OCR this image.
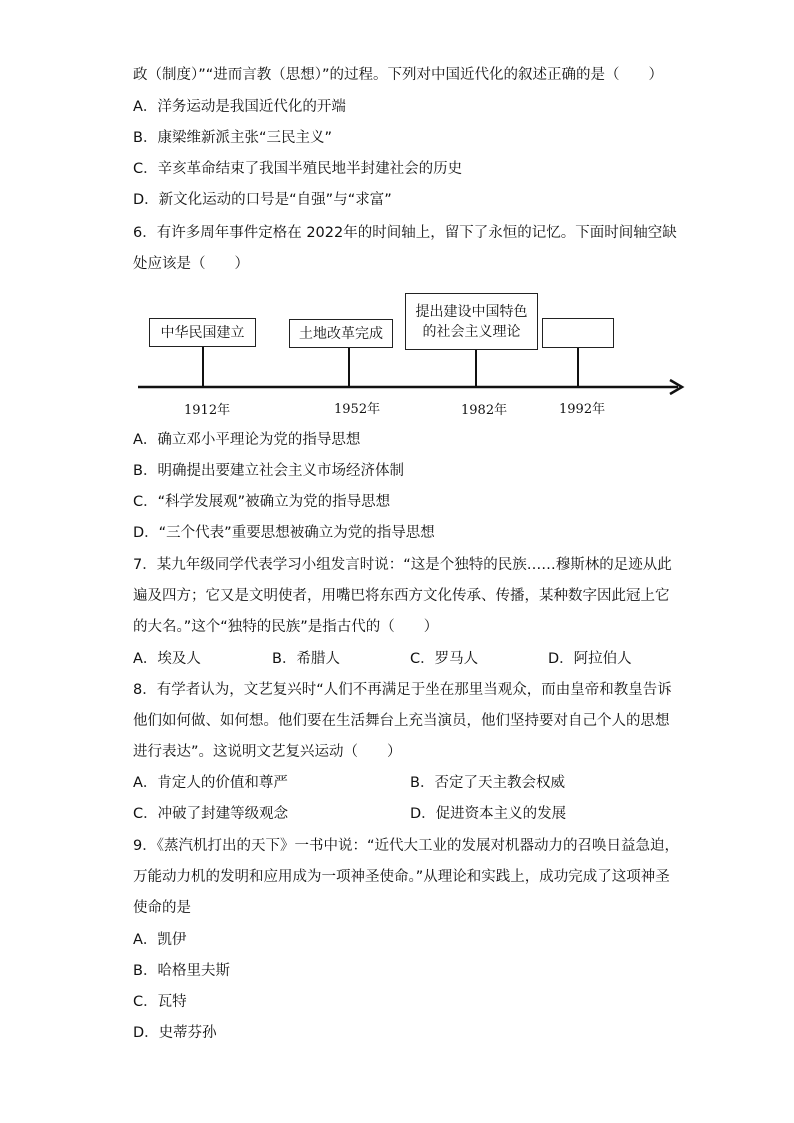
政（制度）”“进而言教（思想）”的过程。下列对中国近代化的叙述正确的是（　　）
A．洋务运动是我国近代化的开端
B．康梁维新派主张“三民主义”
C．辛亥革命结束了我国半殖民地半封建社会的历史
D．新文化运动的口号是“自强”与“求富”
6．有许多周年事件定格在 2022年的时间轴上，留下了永恒的记忆。下面时间轴空缺
处应该是（　　）
中华民国建立
1912年
土地改革完成
1952年
提出建设中国特色
的社会主义理论
1982年	1992年
A．确立邓小平理论为党的指导思想
B．明确提出要建立社会主义市场经济体制
C．“科学发展观”被确立为党的指导思想
D．“三个代表”重要思想被确立为党的指导思想
7．某九年级同学代表学习小组发言时说：“这是个独特的民族……穆斯林的足迹从此
遍及四方；它又是文明使者，用嘴巴将东西方文化传承、传播，某种数字因此冠上它
的大名。”这个“独特的民族”是指古代的（　　）
A．埃及人	B．希腊人	C．罗马人	D．阿拉伯人
8．有学者认为，文艺复兴时“人们不再满足于坐在那里当观众，而由皇帝和教皇告诉
他们如何做、如何想。他们要在生活舞台上充当演员，他们坚持要对自己个人的思想
进行表达”。这说明文艺复兴运动（　　）
A．肯定人的价值和尊严	B．否定了天主教会权威
C．冲破了封建等级观念	D．促进资本主义的发展
9．《蒸汽机打出的天下》一书中说：“近代大工业的发展对机器动力的召唤日益急迫，
万能动力机的发明和应用成为一项神圣使命。”从理论和实践上，成功完成了这项神圣
使命的是
A．凯伊
B．哈格里夫斯
C．瓦特
D．史蒂芬孙
